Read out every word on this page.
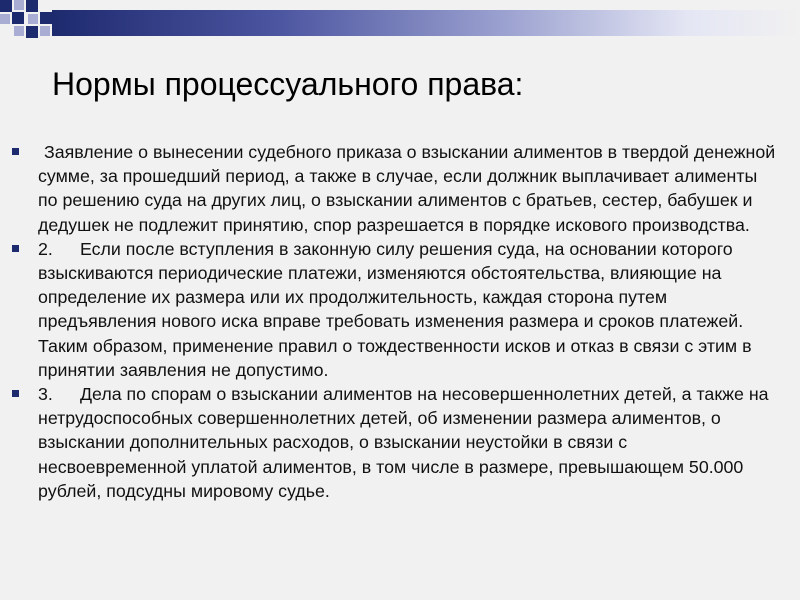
Нормы процессуального права:
Заявление о вынесении судебного приказа о взыскании алиментов в твердой денежной сумме, за прошедший период, а также в случае, если должник выплачивает алименты по решению суда на других лиц, о взыскании алиментов с братьев, сестер, бабушек и дедушек не подлежит принятию, спор разрешается в порядке искового производства.
2. Если после вступления в законную силу решения суда, на основании которого взыскиваются периодические платежи, изменяются обстоятельства, влияющие на определение их размера или их продолжительность, каждая сторона путем предъявления нового иска вправе требовать изменения размера и сроков платежей. Таким образом, применение правил о тождественности исков и отказ в связи с этим в принятии заявления не допустимо.
3. Дела по спорам о взыскании алиментов на несовершеннолетних детей, а также на нетрудоспособных совершеннолетних детей, об изменении размера алиментов, о взыскании дополнительных расходов, о взыскании неустойки в связи с несвоевременной уплатой алиментов, в том числе в размере, превышающем 50.000 рублей, подсудны мировому судье.
